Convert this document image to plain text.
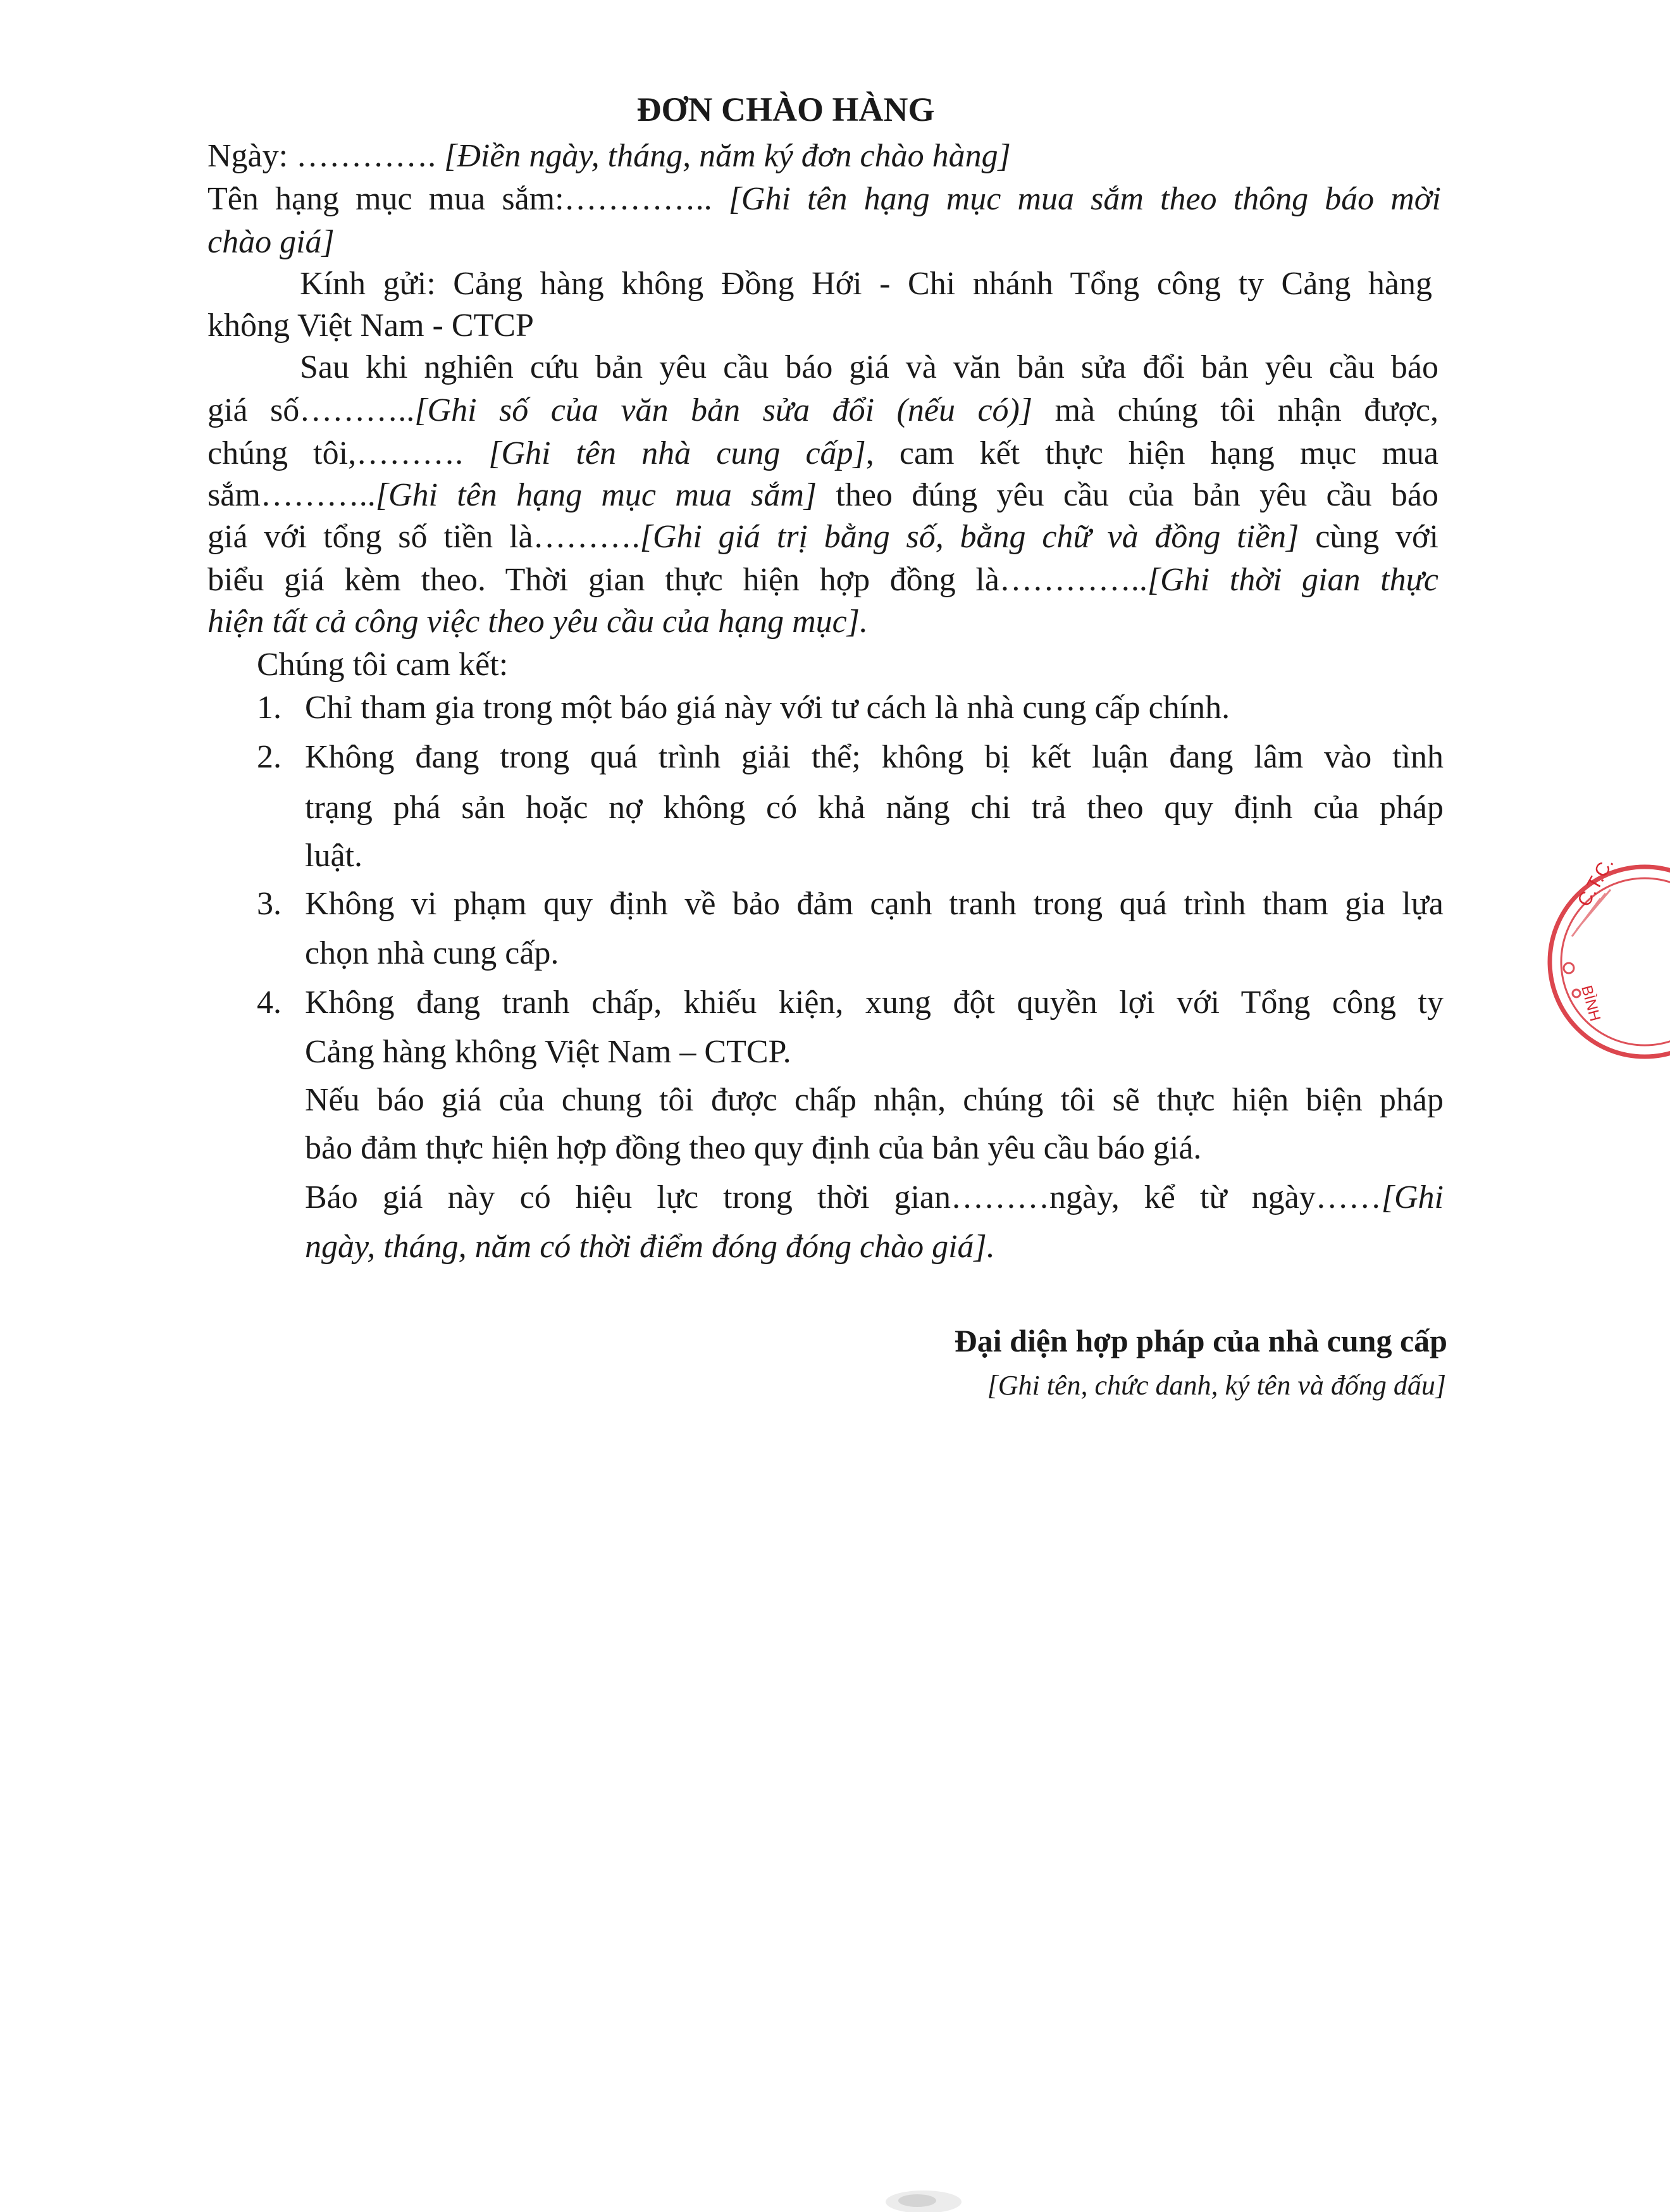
ĐƠN CHÀO HÀNG
Ngày: …………. [Điền ngày, tháng, năm ký đơn chào hàng]
Tên hạng mục mua sắm:………….. [Ghi tên hạng mục mua sắm theo thông báo mời
chào giá]
Kính gửi: Cảng hàng không Đồng Hới - Chi nhánh Tổng công ty Cảng hàng
không Việt Nam - CTCP
Sau khi nghiên cứu bản yêu cầu báo giá và văn bản sửa đổi bản yêu cầu báo
giá số………..[Ghi số của văn bản sửa đổi (nếu có)] mà chúng tôi nhận được,
chúng tôi,………. [Ghi tên nhà cung cấp], cam kết thực hiện hạng mục mua
sắm………..[Ghi tên hạng mục mua sắm] theo đúng yêu cầu của bản yêu cầu báo
giá với tổng số tiền là……….[Ghi giá trị bằng số, bằng chữ và đồng tiền] cùng với
biểu giá kèm theo. Thời gian thực hiện hợp đồng là…………..[Ghi thời gian thực
hiện tất cả công việc theo yêu cầu của hạng mục].
Chúng tôi cam kết:
1. Chỉ tham gia trong một báo giá này với tư cách là nhà cung cấp chính.
2. Không đang trong quá trình giải thể; không bị kết luận đang lâm vào tình
trạng phá sản hoặc nợ không có khả năng chi trả theo quy định của pháp
luật.
3. Không vi phạm quy định về bảo đảm cạnh tranh trong quá trình tham gia lựa
chọn nhà cung cấp.
4. Không đang tranh chấp, khiếu kiện, xung đột quyền lợi với Tổng công ty
Cảng hàng không Việt Nam – CTCP.
Nếu báo giá của chung tôi được chấp nhận, chúng tôi sẽ thực hiện biện pháp
bảo đảm thực hiện hợp đồng theo quy định của bản yêu cầu báo giá.
Báo giá này có hiệu lực trong thời gian………ngày, kể từ ngày……[Ghi
ngày, tháng, năm có thời điểm đóng đóng chào giá].
Đại diện hợp pháp của nhà cung cấp
[Ghi tên, chức danh, ký tên và đống dấu]
C.T.C.
BÌNH
